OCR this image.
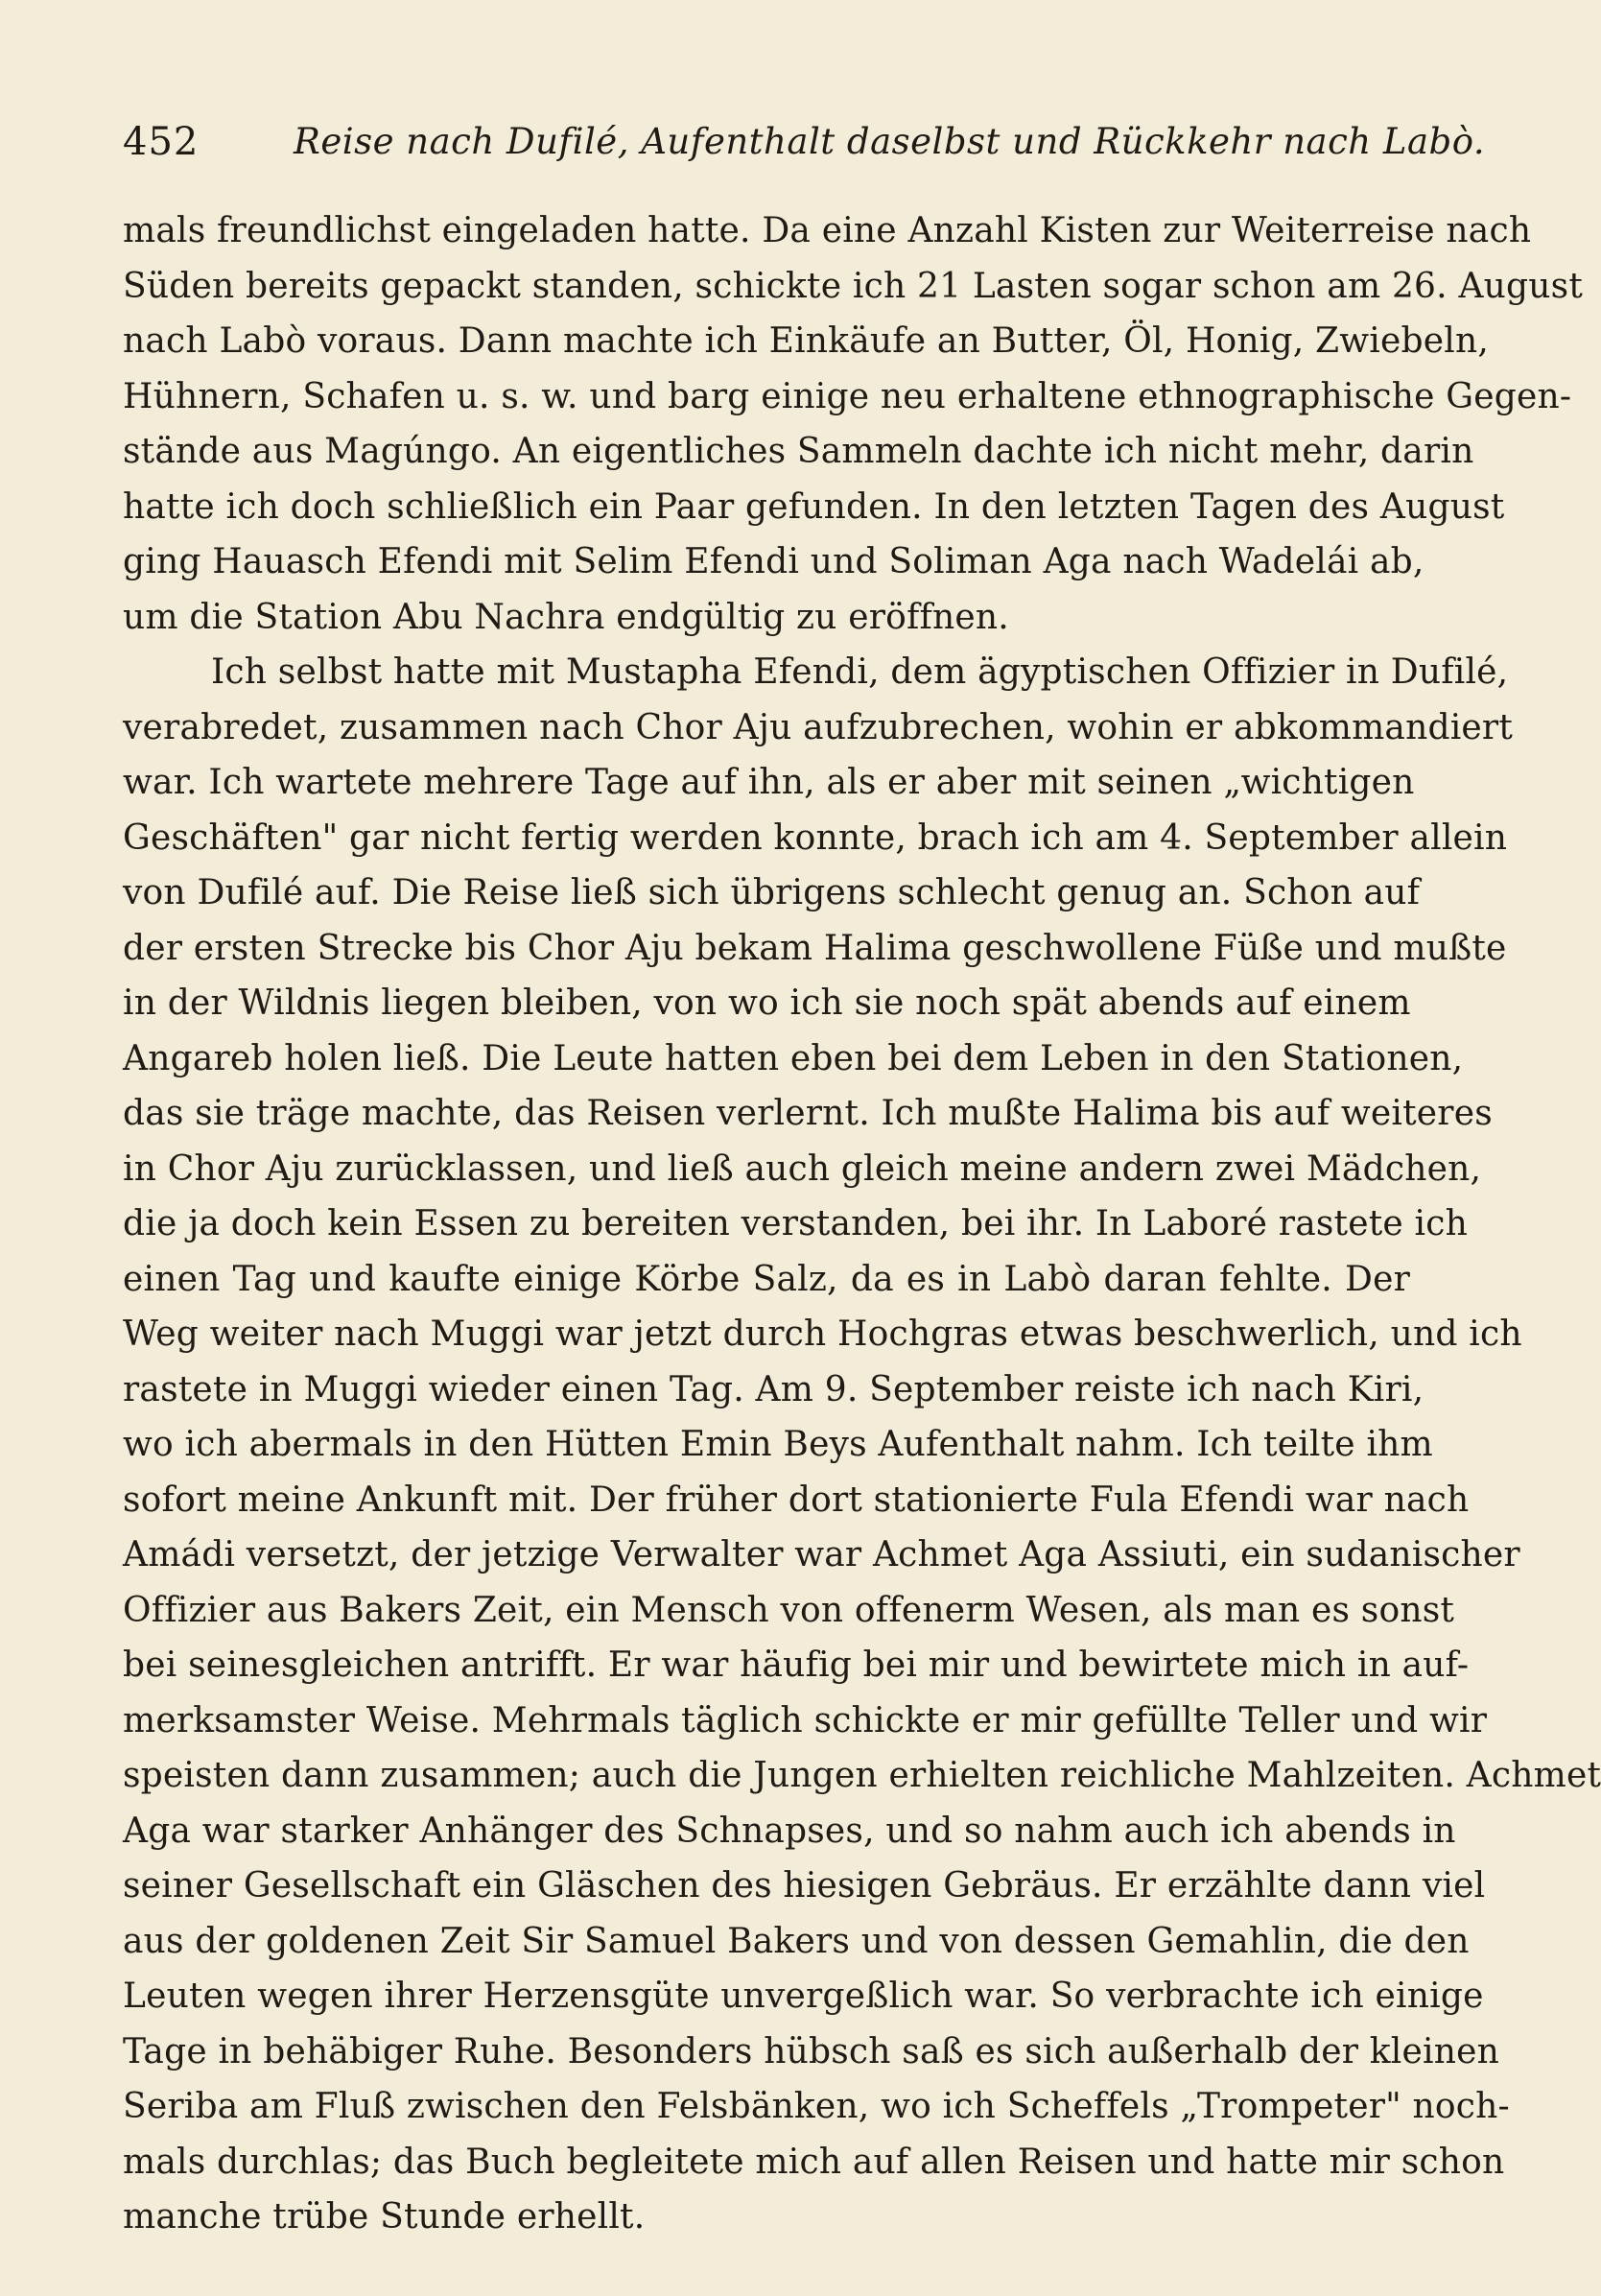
452	Reise nach Dufilé, Aufenthalt daselbst und Rückkehr nach Labò.
mals freundlichst eingeladen hatte. Da eine Anzahl Kisten zur Weiterreise nach
Süden bereits gepackt standen, schickte ich 21 Lasten sogar schon am 26. August
nach Labò voraus. Dann machte ich Einkäufe an Butter, Öl, Honig, Zwiebeln,
Hühnern, Schafen u. s. w. und barg einige neu erhaltene ethnographische Gegen-
stände aus Magúngo. An eigentliches Sammeln dachte ich nicht mehr, darin
hatte ich doch schließlich ein Paar gefunden. In den letzten Tagen des August
ging Hauasch Efendi mit Selim Efendi und Soliman Aga nach Wadelái ab,
um die Station Abu Nachra endgültig zu eröffnen.
Ich selbst hatte mit Mustapha Efendi, dem ägyptischen Offizier in Dufilé,
verabredet, zusammen nach Chor Aju aufzubrechen, wohin er abkommandiert
war. Ich wartete mehrere Tage auf ihn, als er aber mit seinen „wichtigen
Geschäften" gar nicht fertig werden konnte, brach ich am 4. September allein
von Dufilé auf. Die Reise ließ sich übrigens schlecht genug an. Schon auf
der ersten Strecke bis Chor Aju bekam Halima geschwollene Füße und mußte
in der Wildnis liegen bleiben, von wo ich sie noch spät abends auf einem
Angareb holen ließ. Die Leute hatten eben bei dem Leben in den Stationen,
das sie träge machte, das Reisen verlernt. Ich mußte Halima bis auf weiteres
in Chor Aju zurücklassen, und ließ auch gleich meine andern zwei Mädchen,
die ja doch kein Essen zu bereiten verstanden, bei ihr. In Laboré rastete ich
einen Tag und kaufte einige Körbe Salz, da es in Labò daran fehlte. Der
Weg weiter nach Muggi war jetzt durch Hochgras etwas beschwerlich, und ich
rastete in Muggi wieder einen Tag. Am 9. September reiste ich nach Kiri,
wo ich abermals in den Hütten Emin Beys Aufenthalt nahm. Ich teilte ihm
sofort meine Ankunft mit. Der früher dort stationierte Fula Efendi war nach
Amádi versetzt, der jetzige Verwalter war Achmet Aga Assiuti, ein sudanischer
Offizier aus Bakers Zeit, ein Mensch von offenerm Wesen, als man es sonst
bei seinesgleichen antrifft. Er war häufig bei mir und bewirtete mich in auf-
merksamster Weise. Mehrmals täglich schickte er mir gefüllte Teller und wir
speisten dann zusammen; auch die Jungen erhielten reichliche Mahlzeiten. Achmet
Aga war starker Anhänger des Schnapses, und so nahm auch ich abends in
seiner Gesellschaft ein Gläschen des hiesigen Gebräus. Er erzählte dann viel
aus der goldenen Zeit Sir Samuel Bakers und von dessen Gemahlin, die den
Leuten wegen ihrer Herzensgüte unvergeßlich war. So verbrachte ich einige
Tage in behäbiger Ruhe. Besonders hübsch saß es sich außerhalb der kleinen
Seriba am Fluß zwischen den Felsbänken, wo ich Scheffels „Trompeter" noch-
mals durchlas; das Buch begleitete mich auf allen Reisen und hatte mir schon
manche trübe Stunde erhellt.
